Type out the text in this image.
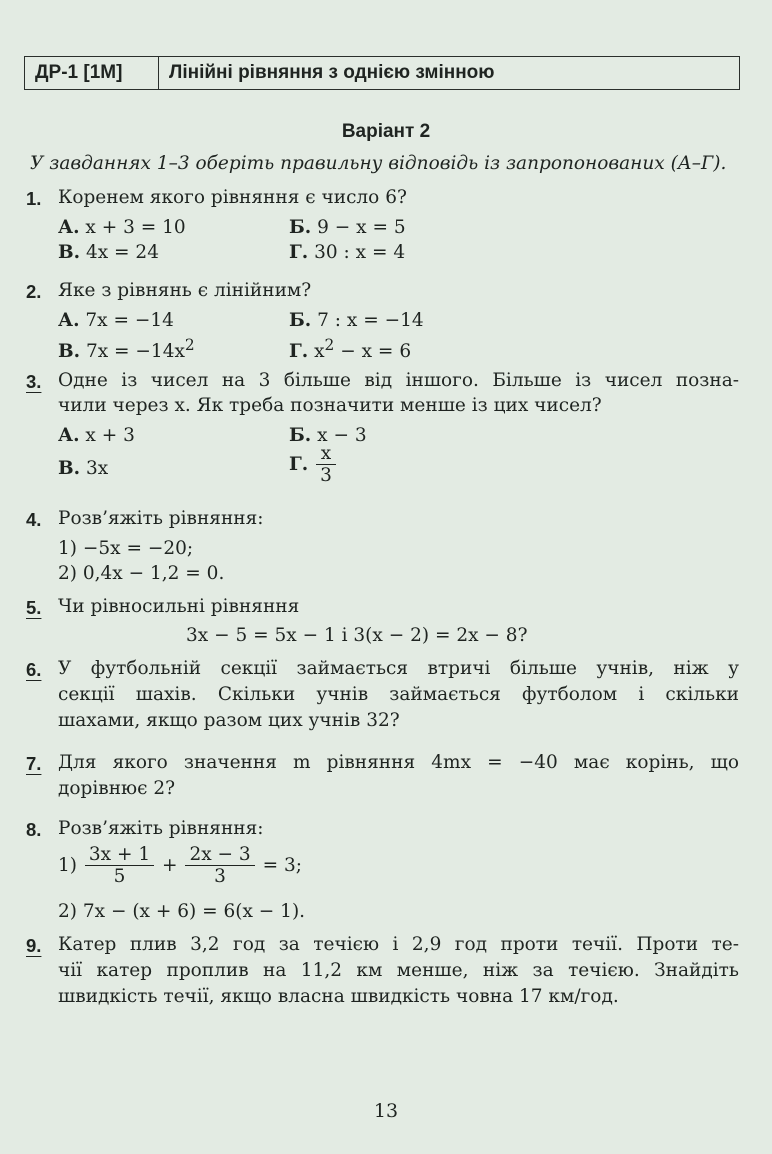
ДР-1 [1М]	Лінійні рівняння з однією змінною
Варіант 2
У завданнях 1–3 оберіть правильну відповідь із запропонованих (А–Г).
1. Коренем якого рівняння є число 6?
А. x + 3 = 10	Б. 9 − x = 5
В. 4x = 24	Г. 30 : x = 4
2. Яке з рівнянь є лінійним?
А. 7x = −14	Б. 7 : x = −14
В. $7x = -14x^2$	Г. $x^2 - x = 6$
3. Одне із чисел на 3 більше від іншого. Більше із чисел позна-
чили через x. Як треба позначити менше із цих чисел?
А. x + 3	Б. x − 3
В. 3x	Г. $\frac{x}{3}$
4. Розв’яжіть рівняння:
1) −5x = −20;
2) 0,4x − 1,2 = 0.
5. Чи рівносильні рівняння
3x − 5 = 5x − 1 і 3(x − 2) = 2x − 8?
6. У футбольній секції займається втричі більше учнів, ніж у
секції шахів. Скільки учнів займається футболом і скільки
шахами, якщо разом цих учнів 32?
7. Для якого значення m рівняння 4mx = −40 має корінь, що
дорівнює 2?
8. Розв’яжіть рівняння:
$1) \frac{3x + 1}{5} + \frac{2x - 3}{3} = 3$;
2) 7x − (x + 6) = 6(x − 1).
9. Катер плив 3,2 год за течією і 2,9 год проти течії. Проти те-
чії катер проплив на 11,2 км менше, ніж за течією. Знайдіть
швидкість течії, якщо власна швидкість човна 17 км/год.
13
